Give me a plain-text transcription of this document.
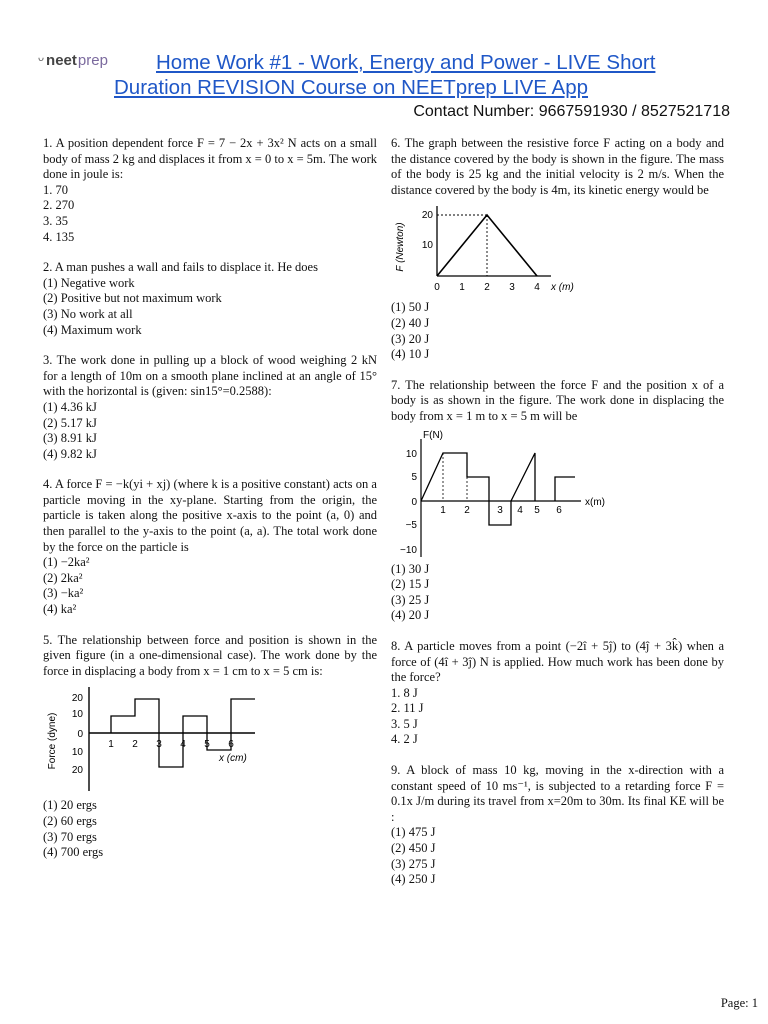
ᵕ neetprep	Home Work #1 - Work, Energy and Power - LIVE Short
Duration REVISION Course on NEETprep LIVE App
Contact Number: 9667591930 / 8527521718
1. A position dependent force F = 7 − 2x + 3x² N acts on a small body of mass 2 kg and displaces it from x = 0 to x = 5m. The work done in joule is:
1. 70
2. 270
3. 35
4. 135
2. A man pushes a wall and fails to displace it. He does
(1) Negative work
(2) Positive but not maximum work
(3) No work at all
(4) Maximum work
3. The work done in pulling up a block of wood weighing 2 kN for a length of 10m on a smooth plane inclined at an angle of 15° with the horizontal is (given: sin15°=0.2588):
(1) 4.36 kJ
(2) 5.17 kJ
(3) 8.91 kJ
(4) 9.82 kJ
4. A force F = −k(yi + xj) (where k is a positive constant) acts on a particle moving in the xy-plane. Starting from the origin, the particle is taken along the positive x-axis to the point (a, 0) and then parallel to the y-axis to the point (a, a). The total work done by the force on the particle is
(1) −2ka²
(2) 2ka²
(3) −ka²
(4) ka²
5. The relationship between force and position is shown in the given figure (in a one-dimensional case). The work done by the force in displacing a body from x = 1 cm to x = 5 cm is:
Force (dyne)
20
10
0
10
20
1 2 3 4 5 6
x (cm)
(1) 20 ergs
(2) 60 ergs
(3) 70 ergs
(4) 700 ergs
6. The graph between the resistive force F acting on a body and the distance covered by the body is shown in the figure. The mass of the body is 25 kg and the initial velocity is 2 m/s. When the distance covered by the body is 4m, its kinetic energy would be
F (Newton)
20
10
0 1 2 3 4 x (m)
(1) 50 J
(2) 40 J
(3) 20 J
(4) 10 J
7. The relationship between the force F and the position x of a body is as shown in the figure. The work done in displacing the body from x = 1 m to x = 5 m will be
F(N)
10
5
0
−5
−10
1 2	3 4 5 6
x(m)
(1) 30 J
(2) 15 J
(3) 25 J
(4) 20 J
8. A particle moves from a point (−2î + 5ĵ) to (4ĵ + 3k̂) when a force of (4î + 3ĵ) N is applied. How much work has been done by the force?
1. 8 J
2. 11 J
3. 5 J
4. 2 J
9. A block of mass 10 kg, moving in the x-direction with a constant speed of 10 ms⁻¹, is subjected to a retarding force F = 0.1x J/m during its travel from x=20m to 30m. Its final KE will be :
(1) 475 J
(2) 450 J
(3) 275 J
(4) 250 J
Page: 1
